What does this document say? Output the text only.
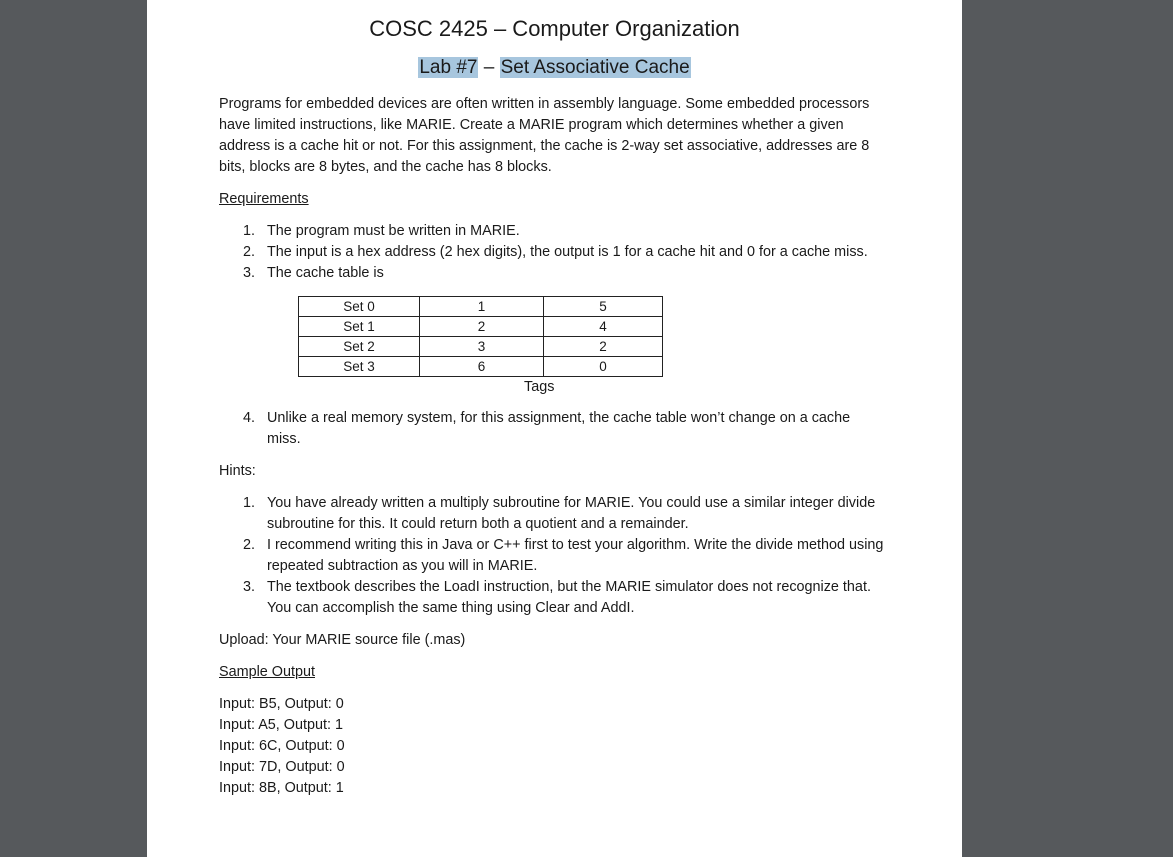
COSC 2425 – Computer Organization
Lab #7 – Set Associative Cache

Programs for embedded devices are often written in assembly language. Some embedded processors have limited instructions, like MARIE. Create a MARIE program which determines whether a given address is a cache hit or not. For this assignment, the cache is 2-way set associative, addresses are 8 bits, blocks are 8 bytes, and the cache has 8 blocks.

Requirements
1. The program must be written in MARIE.
2. The input is a hex address (2 hex digits), the output is 1 for a cache hit and 0 for a cache miss.
3. The cache table is
Set 0	1	5
Set 1	2	4
Set 2	3	2
Set 3	6	0
Tags
4. Unlike a real memory system, for this assignment, the cache table won’t change on a cache miss.
Hints:
1. You have already written a multiply subroutine for MARIE. You could use a similar integer divide subroutine for this. It could return both a quotient and a remainder.
2. I recommend writing this in Java or C++ first to test your algorithm. Write the divide method using repeated subtraction as you will in MARIE.
3. The textbook describes the LoadI instruction, but the MARIE simulator does not recognize that. You can accomplish the same thing using Clear and AddI.
Upload: Your MARIE source file (.mas)
Sample Output
Input: B5, Output: 0
Input: A5, Output: 1
Input: 6C, Output: 0
Input: 7D, Output: 0
Input: 8B, Output: 1
